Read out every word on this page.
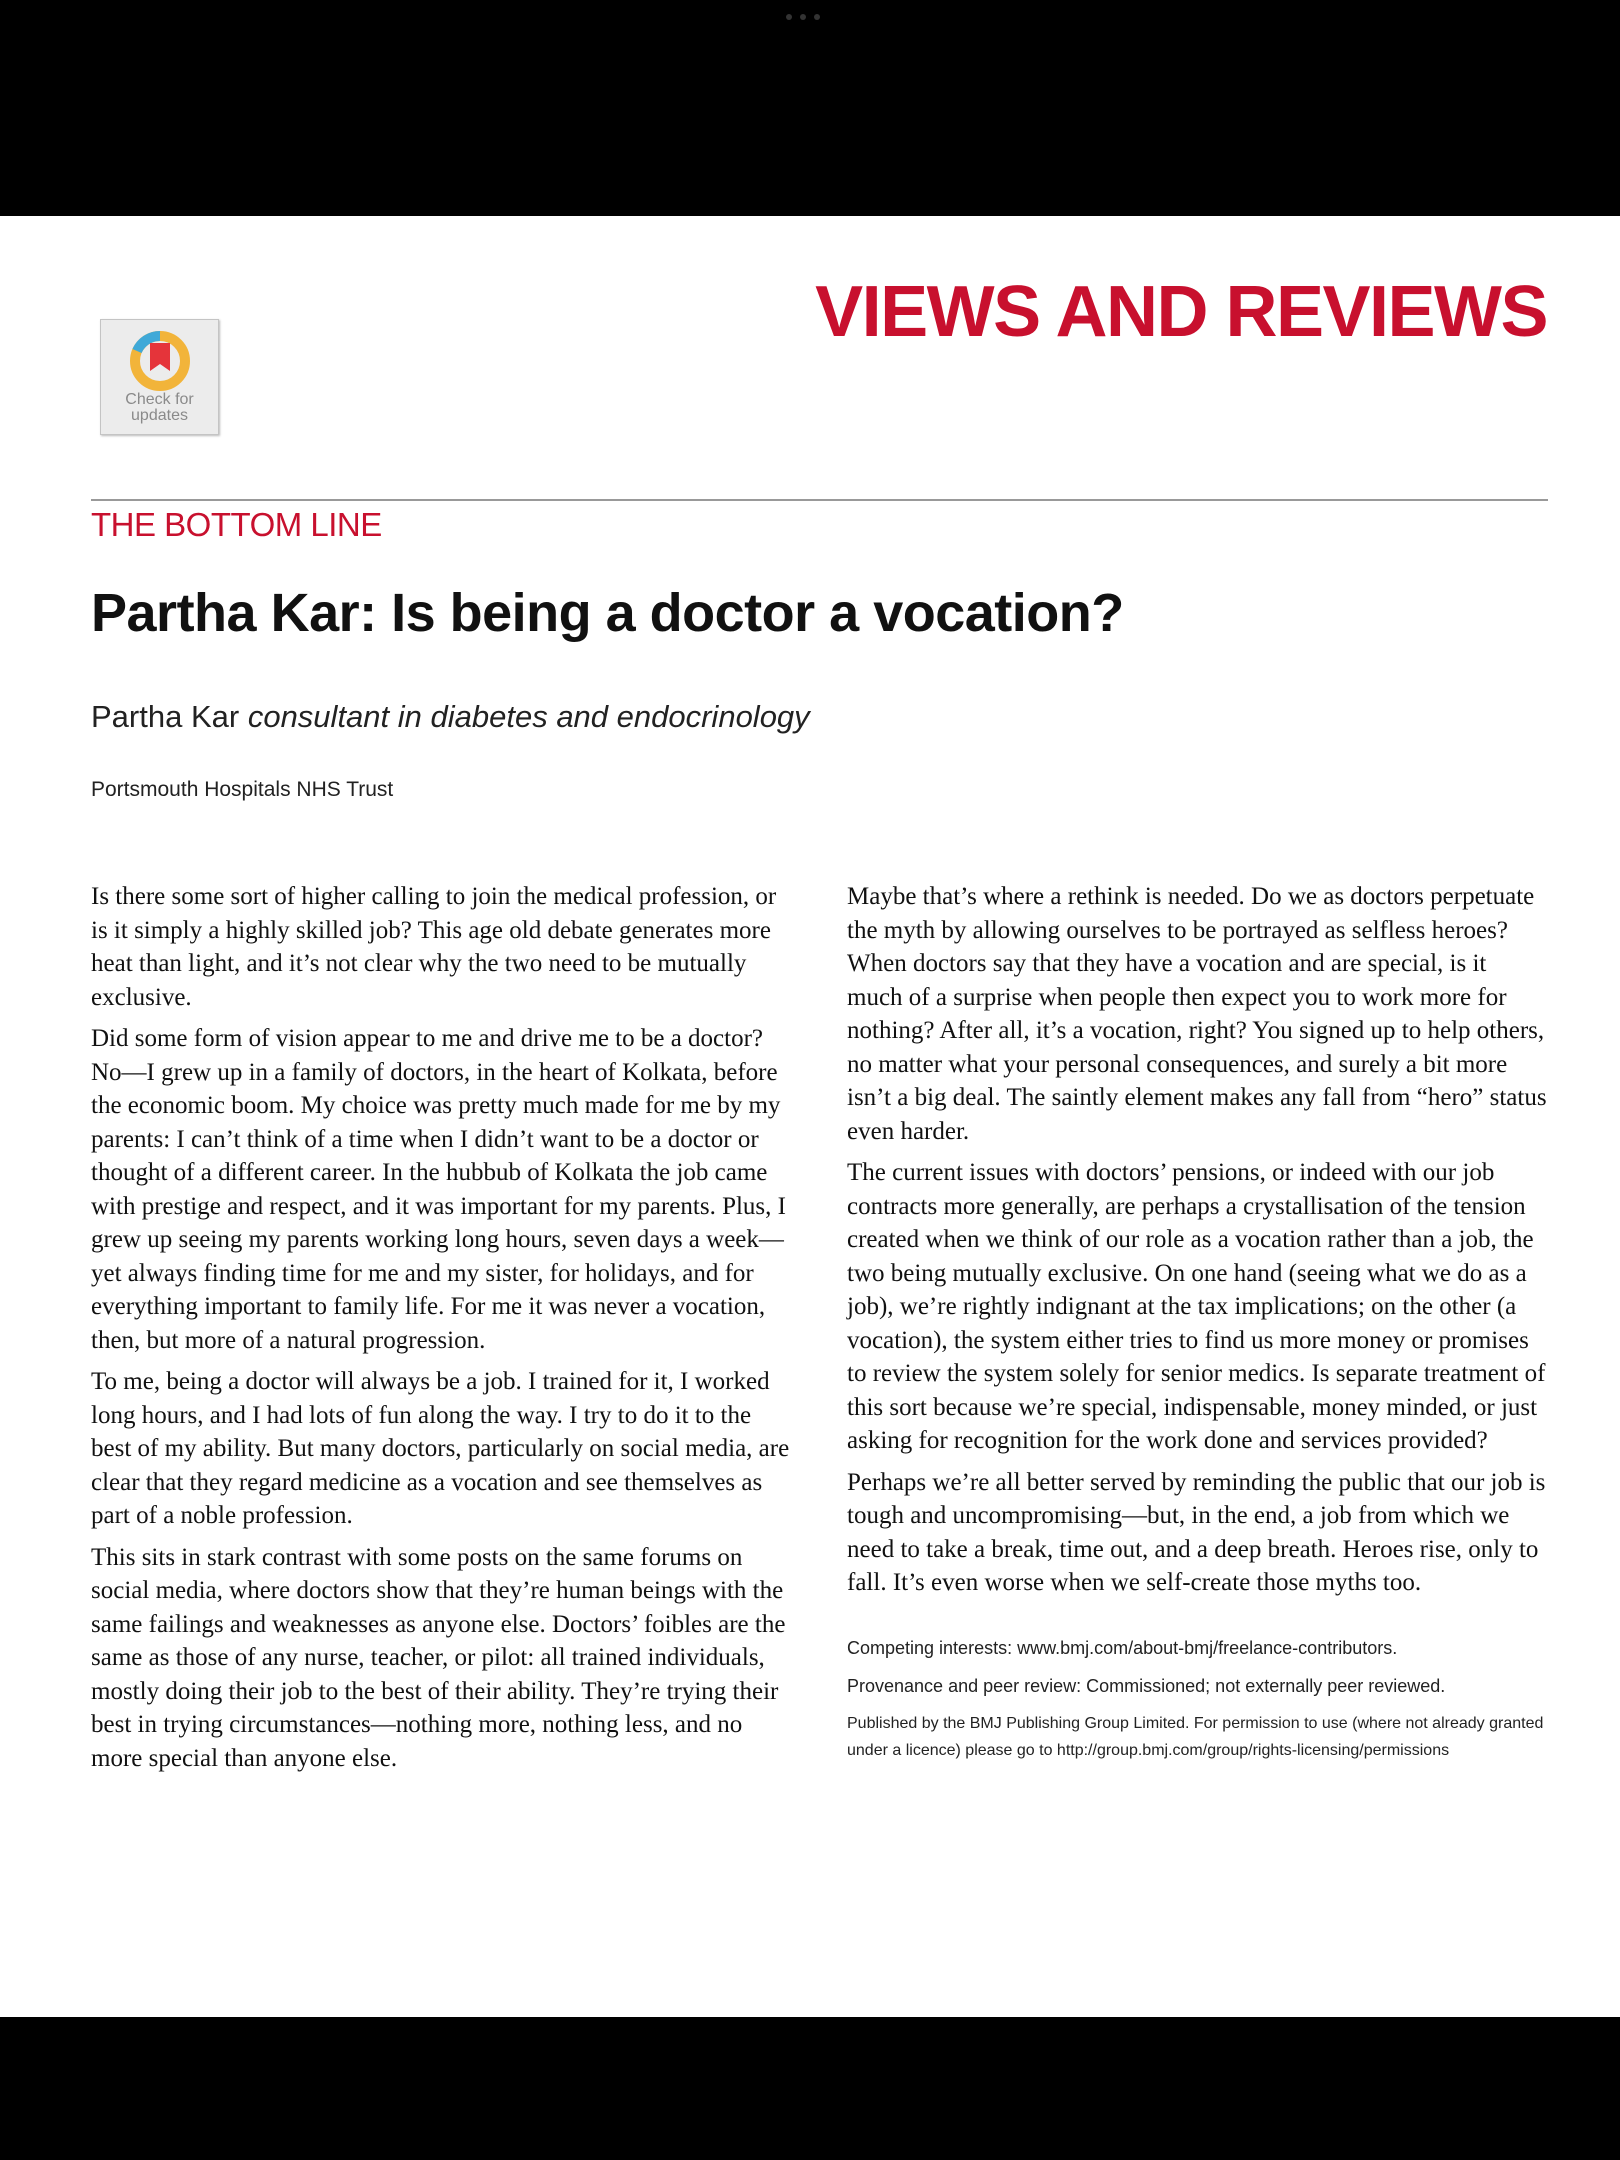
VIEWS AND REVIEWS
Check for updates
THE BOTTOM LINE
Partha Kar: Is being a doctor a vocation?
Partha Kar consultant in diabetes and endocrinology
Portsmouth Hospitals NHS Trust

Is there some sort of higher calling to join the medical profession, or is it simply a highly skilled job? This age old debate generates more heat than light, and it’s not clear why the two need to be mutually exclusive.

Did some form of vision appear to me and drive me to be a doctor? No—I grew up in a family of doctors, in the heart of Kolkata, before the economic boom. My choice was pretty much made for me by my parents: I can’t think of a time when I didn’t want to be a doctor or thought of a different career. In the hubbub of Kolkata the job came with prestige and respect, and it was important for my parents. Plus, I grew up seeing my parents working long hours, seven days a week—yet always finding time for me and my sister, for holidays, and for everything important to family life. For me it was never a vocation, then, but more of a natural progression.

To me, being a doctor will always be a job. I trained for it, I worked long hours, and I had lots of fun along the way. I try to do it to the best of my ability. But many doctors, particularly on social media, are clear that they regard medicine as a vocation and see themselves as part of a noble profession.

This sits in stark contrast with some posts on the same forums on social media, where doctors show that they’re human beings with the same failings and weaknesses as anyone else. Doctors’ foibles are the same as those of any nurse, teacher, or pilot: all trained individuals, mostly doing their job to the best of their ability. They’re trying their best in trying circumstances—nothing more, nothing less, and no more special than anyone else.

Maybe that’s where a rethink is needed. Do we as doctors perpetuate the myth by allowing ourselves to be portrayed as selfless heroes? When doctors say that they have a vocation and are special, is it much of a surprise when people then expect you to work more for nothing? After all, it’s a vocation, right? You signed up to help others, no matter what your personal consequences, and surely a bit more isn’t a big deal. The saintly element makes any fall from “hero” status even harder.

The current issues with doctors’ pensions, or indeed with our job contracts more generally, are perhaps a crystallisation of the tension created when we think of our role as a vocation rather than a job, the two being mutually exclusive. On one hand (seeing what we do as a job), we’re rightly indignant at the tax implications; on the other (a vocation), the system either tries to find us more money or promises to review the system solely for senior medics. Is separate treatment of this sort because we’re special, indispensable, money minded, or just asking for recognition for the work done and services provided?

Perhaps we’re all better served by reminding the public that our job is tough and uncompromising—but, in the end, a job from which we need to take a break, time out, and a deep breath. Heroes rise, only to fall. It’s even worse when we self-create those myths too.

Competing interests: www.bmj.com/about-bmj/freelance-contributors.
Provenance and peer review: Commissioned; not externally peer reviewed.
Published by the BMJ Publishing Group Limited. For permission to use (where not already granted under a licence) please go to http://group.bmj.com/group/rights-licensing/permissions
